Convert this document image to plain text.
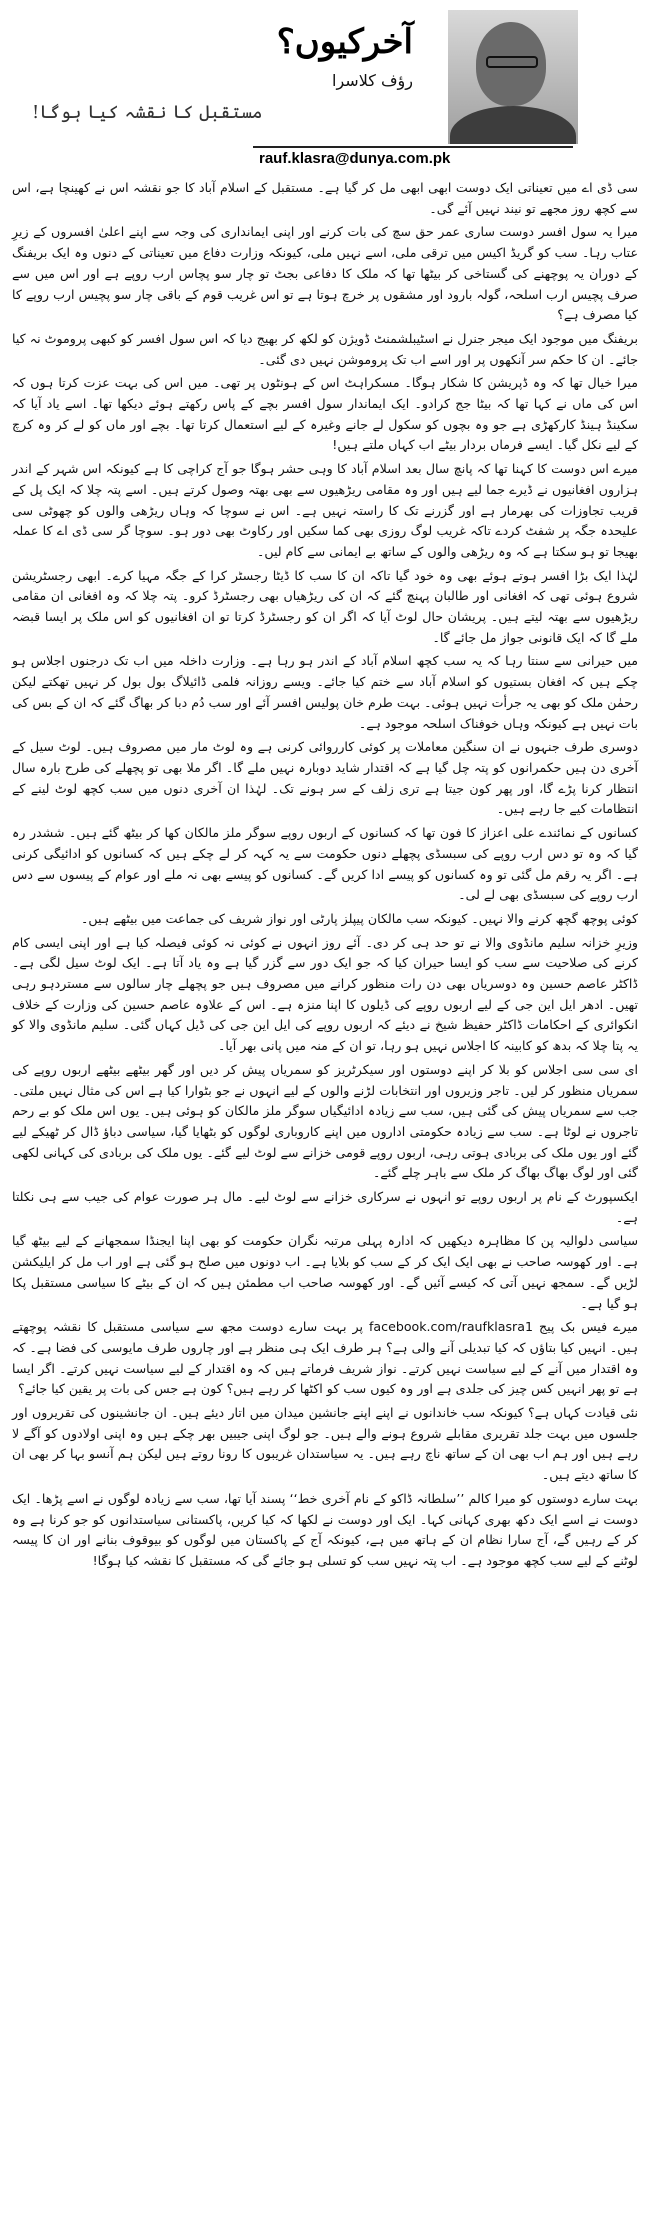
مستقبل کا نقشہ کیا ہوگا!
آخرکیوں؟
رؤف کلاسرا
rauf.klasra@dunya.com.pk

سی ڈی اے میں تعیناتی ایک دوست ابھی ابھی مل کر گیا ہے۔ مستقبل کے اسلام آباد کا جو نقشہ اس نے کھینچا ہے، اس سے کچھ روز مجھے تو نیند نہیں آئے گی۔

میرا یہ سول افسر دوست ساری عمر حق سچ کی بات کرنے اور اپنی ایمانداری کی وجہ سے اپنے اعلیٰ افسروں کے زیرِ عتاب رہا۔ سب کو گریڈ اکیس میں ترقی ملی، اسے نہیں ملی، کیونکہ وزارت دفاع میں تعیناتی کے دنوں وہ ایک بریفنگ کے دوران یہ پوچھنے کی گستاخی کر بیٹھا تھا کہ ملک کا دفاعی بجٹ تو چار سو پچاس ارب روپے ہے اور اس میں سے صرف پچیس ارب اسلحہ، گولہ بارود اور مشقوں پر خرچ ہوتا ہے تو اس غریب قوم کے باقی چار سو پچیس ارب روپے کا کیا مصرف ہے؟

بریفنگ میں موجود ایک میجر جنرل نے اسٹیبلشمنٹ ڈویژن کو لکھ کر بھیج دیا کہ اس سول افسر کو کبھی پروموٹ نہ کیا جائے۔ ان کا حکم سر آنکھوں پر اور اسے اب تک پروموشن نہیں دی گئی۔

میرا خیال تھا کہ وہ ڈپریشن کا شکار ہوگا۔ مسکراہٹ اس کے ہونٹوں پر تھی۔ میں اس کی بہت عزت کرتا ہوں کہ اس کی ماں نے کہا تھا کہ بیٹا جج کرادو۔ ایک ایماندار سول افسر بچے کے پاس رکھتے ہوئے دیکھا تھا۔ اسے یاد آیا کہ سکینڈ ہینڈ کارکھڑی ہے جو وہ بچوں کو سکول لے جانے وغیرہ کے لیے استعمال کرتا تھا۔ بچے اور ماں کو لے کر وہ کرچ کے لیے نکل گیا۔ ایسے فرماں بردار بیٹے اب کہاں ملتے ہیں!

میرے اس دوست کا کہنا تھا کہ پانچ سال بعد اسلام آباد کا وہی حشر ہوگا جو آج کراچی کا ہے کیونکہ اس شہر کے اندر ہزاروں افغانیوں نے ڈیرے جما لیے ہیں اور وہ مقامی ریڑھیوں سے بھی بھتہ وصول کرتے ہیں۔ اسے پتہ چلا کہ ایک پل کے قریب تجاوزات کی بھرمار ہے اور گزرنے تک کا راستہ نہیں ہے۔ اس نے سوچا کہ وہاں ریڑھی والوں کو چھوٹی سی علیحدہ جگہ پر شفٹ کردے تاکہ غریب لوگ روزی بھی کما سکیں اور رکاوٹ بھی دور ہو۔ سوچا گر سی ڈی اے کا عملہ بھیجا تو ہو سکتا ہے کہ وہ ریڑھی والوں کے ساتھ بے ایمانی سے کام لیں۔

لہٰذا ایک بڑا افسر ہوتے ہوئے بھی وہ خود گیا تاکہ ان کا سب کا ڈیٹا رجسٹر کرا کے جگہ مہیا کرے۔ ابھی رجسٹریشن شروع ہوئی تھی کہ افغانی اور طالبان پہنچ گئے کہ ان کی ریڑھیاں بھی رجسٹرڈ کرو۔ پتہ چلا کہ وہ افغانی ان مقامی ریڑھیوں سے بھتہ لیتے ہیں۔ پریشان حال لوٹ آیا کہ اگر ان کو رجسٹرڈ کرتا تو ان افغانیوں کو اس ملک پر ایسا قبضہ ملے گا کہ ایک قانونی جواز مل جائے گا۔

میں حیرانی سے سنتا رہا کہ یہ سب کچھ اسلام آباد کے اندر ہو رہا ہے۔ وزارت داخلہ میں اب تک درجنوں اجلاس ہو چکے ہیں کہ افغان بستیوں کو اسلام آباد سے ختم کیا جائے۔ ویسے روزانہ فلمی ڈائیلاگ بول بول کر نہیں تھکتے لیکن رحمٰن ملک کو بھی یہ جرأت نہیں ہوئی۔ بہت طرم خان پولیس افسر آئے اور سب دُم دبا کر بھاگ گئے کہ ان کے بس کی بات نہیں ہے کیونکہ وہاں خوفناک اسلحہ موجود ہے۔

دوسری طرف جنہوں نے ان سنگین معاملات پر کوئی کارروائی کرنی ہے وہ لوٹ مار میں مصروف ہیں۔ لوٹ سیل کے آخری دن ہیں حکمرانوں کو پتہ چل گیا ہے کہ اقتدار شاید دوبارہ نہیں ملے گا۔ اگر ملا بھی تو پچھلے کی طرح بارہ سال انتظار کرنا پڑے گا، اور پھر کون جیتا ہے تری زلف کے سر ہونے تک۔ لہٰذا ان آخری دنوں میں سب کچھ لوٹ لینے کے انتظامات کیے جا رہے ہیں۔

کسانوں کے نمائندے علی اعزاز کا فون تھا کہ کسانوں کے اربوں روپے سوگر ملز مالکان کھا کر بیٹھ گئے ہیں۔ ششدر رہ گیا کہ وہ تو دس ارب روپے کی سبسڈی پچھلے دنوں حکومت سے یہ کہہ کر لے چکے ہیں کہ کسانوں کو ادائیگی کرنی ہے۔ اگر یہ رقم مل گئی تو وہ کسانوں کو پیسے ادا کریں گے۔ کسانوں کو پیسے بھی نہ ملے اور عوام کے پیسوں سے دس ارب روپے کی سبسڈی بھی لے لی۔

کوئی پوچھ گچھ کرنے والا نہیں۔ کیونکہ سب مالکان پیپلز پارٹی اور نواز شریف کی جماعت میں بیٹھے ہیں۔

وزیرِ خزانہ سلیم مانڈوی والا نے تو حد ہی کر دی۔ آئے روز انہوں نے کوئی نہ کوئی فیصلہ کیا ہے اور اپنی ایسی کام کرنے کی صلاحیت سے سب کو ایسا حیران کیا کہ جو ایک دور سے گزر گیا ہے وہ یاد آتا ہے۔ ایک لوٹ سیل لگی ہے۔ ڈاکٹر عاصم حسین وہ دوسریاں بھی دن رات منظور کرانے میں مصروف ہیں جو پچھلے چار سالوں سے مستردہو رہی تھیں۔ ادھر ایل این جی کے لیے اربوں روپے کی ڈیلوں کا اپنا منزہ ہے۔ اس کے علاوہ عاصم حسین کی وزارت کے خلاف انکوائری کے احکامات ڈاکٹر حفیظ شیخ نے دیئے کہ اربوں روپے کی ایل این جی کی ڈیل کہاں گئی۔ سلیم مانڈوی والا کو یہ پتا چلا کہ بدھ کو کابینہ کا اجلاس نہیں ہو رہا، تو ان کے منہ میں پانی بھر آیا۔

ای سی سی اجلاس کو بلا کر اپنے دوستوں اور سیکرٹریز کو سمریاں پیش کر دیں اور گھر بیٹھے بیٹھے اربوں روپے کی سمریاں منظور کر لیں۔ تاجر وزیروں اور انتخابات لڑنے والوں کے لیے انہوں نے جو بٹوارا کیا ہے اس کی مثال نہیں ملتی۔ جب سے سمریاں پیش کی گئی ہیں، سب سے زیادہ ادائیگیاں سوگر ملز مالکان کو ہوئی ہیں۔ یوں اس ملک کو بے رحم تاجروں نے لوٹا ہے۔ سب سے زیادہ حکومتی اداروں میں اپنے کاروباری لوگوں کو بٹھایا گیا، سیاسی دباؤ ڈال کر ٹھیکے لیے گئے اور یوں ملک کی بربادی ہوتی رہی، اربوں روپے قومی خزانے سے لوٹ لیے گئے۔ یوں ملک کی بربادی کی کہانی لکھی گئی اور لوگ بھاگ بھاگ کر ملک سے باہر چلے گئے۔

ایکسپورٹ کے نام پر اربوں روپے تو انہوں نے سرکاری خزانے سے لوٹ لیے۔ مال ہر صورت عوام کی جیب سے ہی نکلتا ہے۔

سیاسی دلوالیہ پن کا مظاہرہ دیکھیں کہ ادارہ پہلی مرتبہ نگران حکومت کو بھی اپنا ایجنڈا سمجھانے کے لیے بیٹھ گیا ہے۔ اور کھوسہ صاحب نے بھی ایک ایک کر کے سب کو بلایا ہے۔ اب دونوں میں صلح ہو گئی ہے اور اب مل کر ایلیکشن لڑیں گے۔ سمجھ نہیں آتی کہ کیسے آئیں گے۔ اور کھوسہ صاحب اب مطمئن ہیں کہ ان کے بیٹے کا سیاسی مستقبل پکا ہو گیا ہے۔

میرے فیس بک پیج facebook.com/raufklasra1 پر بہت سارے دوست مجھ سے سیاسی مستقبل کا نقشہ پوچھتے ہیں۔ انہیں کیا بتاؤں کہ کیا تبدیلی آنے والی ہے؟ ہر طرف ایک ہی منظر ہے اور چاروں طرف مایوسی کی فضا ہے۔ کہ وہ اقتدار میں آنے کے لیے سیاست نہیں کرتے۔ نواز شریف فرماتے ہیں کہ وہ اقتدار کے لیے سیاست نہیں کرتے۔ اگر ایسا ہے تو پھر انہیں کس چیز کی جلدی ہے اور وہ کیوں سب کو اکٹھا کر رہے ہیں؟ کون ہے جس کی بات پر یقین کیا جائے؟

نئی قیادت کہاں ہے؟ کیونکہ سب خاندانوں نے اپنے اپنے جانشین میدان میں اتار دیئے ہیں۔ ان جانشینوں کی تقریروں اور جلسوں میں بہت جلد تقریری مقابلے شروع ہونے والے ہیں۔ جو لوگ اپنی جیبیں بھر چکے ہیں وہ اپنی اولادوں کو آگے لا رہے ہیں اور ہم اب بھی ان کے ساتھ ناچ رہے ہیں۔ یہ سیاستدان غریبوں کا رونا روتے ہیں لیکن ہم آنسو بہا کر بھی ان کا ساتھ دیتے ہیں۔

بہت سارے دوستوں کو میرا کالم ’’سلطانہ ڈاکو کے نام آخری خط‘‘ پسند آیا تھا، سب سے زیادہ لوگوں نے اسے پڑھا۔ ایک دوست نے اسے ایک دکھ بھری کہانی کہا۔ ایک اور دوست نے لکھا کہ کیا کریں، پاکستانی سیاستدانوں کو جو کرنا ہے وہ کر کے رہیں گے، آج سارا نظام ان کے ہاتھ میں ہے، کیونکہ آج کے پاکستان میں لوگوں کو بیوقوف بنانے اور ان کا پیسہ لوٹنے کے لیے سب کچھ موجود ہے۔ اب پتہ نہیں سب کو تسلی ہو جائے گی کہ مستقبل کا نقشہ کیا ہوگا!
